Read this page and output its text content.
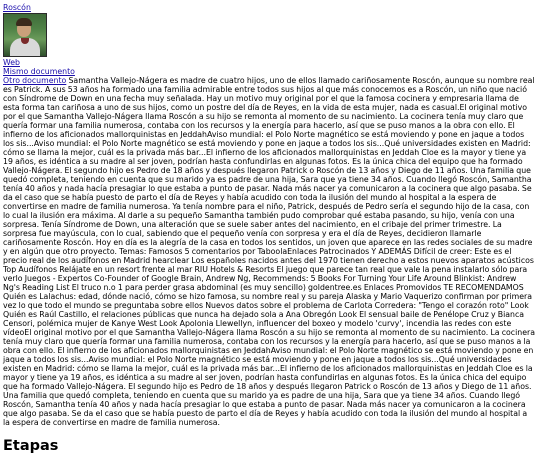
Roscón
Web
Mismo documento

Otro documento Samantha Vallejo-Nágera es madre de cuatro hijos, uno de ellos llamado cariñosamente Roscón, aunque su nombre real es Patrick. A sus 53 años ha formado una familia admirable entre todos sus hijos al que más conocemos es a Roscón, un niño que nació con Síndrome de Down en una fecha muy señalada. Hay un motivo muy original por el que la famosa cocinera y empresaria llama de esta forma tan cariñosa a uno de sus hijos, como un postre del día de Reyes, en la vida de esta mujer, nada es casual.El original motivo por el que Samantha Vallejo-Nágera llama Roscón a su hijo se remonta al momento de su nacimiento. La cocinera tenía muy claro que quería formar una familia numerosa, contaba con los recursos y la energía para hacerlo, así que se puso manos a la obra con ello. El infierno de los aficionados mallorquinistas en JeddahAviso mundial: el Polo Norte magnético se está moviendo y pone en jaque a todos los sis...Aviso mundial: el Polo Norte magnético se está moviendo y pone en jaque a todos los sis...Qué universidades existen en Madrid: cómo se llama la mejor, cuál es la privada más bar...El infierno de los aficionados mallorquinistas en Jeddah Cloe es la mayor y tiene ya 19 años, es idéntica a su madre al ser joven, podrían hasta confundirlas en algunas fotos. Es la única chica del equipo que ha formado Vallejo-Nágera. El segundo hijo es Pedro de 18 años y después llegaron Patrick o Roscón de 13 años y Diego de 11 años. Una familia que quedó completa, teniendo en cuenta que su marido ya es padre de una hija, Sara que ya tiene 34 años. Cuando llegó Roscón, Samantha tenía 40 años y nada hacía presagiar lo que estaba a punto de pasar. Nada más nacer ya comunicaron a la cocinera que algo pasaba. Se da el caso que se había puesto de parto el día de Reyes y había acudido con toda la ilusión del mundo al hospital a la espera de convertirse en madre de familia numerosa. Ya tenía nombre para el niño, Patrick, después de Pedro sería el segundo hijo de la casa, con lo cual la ilusión era máxima. Al darle a su pequeño Samantha también pudo comprobar qué estaba pasando, su hijo, venía con una sorpresa. Tenía Síndrome de Down, una alteración que se suele saber antes del nacimiento, en el cribaje del primer trimestre. La sorpresa fue mayúscula, con lo cual, sabiendo que el pequeño venía con sorpresa y era el día de Reyes, decidieron llamarle cariñosamente Roscón. Hoy en día es la alegría de la casa en todos los sentidos, un joven que aparece en las redes sociales de su madre y en algún que otro proyecto. Temas: Famosos 5 comentarios por TaboolaEnlaces Patrocinados Y ADEMÁS Difícil de creer: Este es el precio real de los audífonos en Madrid hearclear Los españoles nacidos antes del 1970 tienen derecho a estos nuevos aparatos acústicos Top Audífonos Relájate en un resort frente al mar RIU Hotels & Resorts El juego que parece tan real que vale la pena instalarlo sólo para verlo Juegos - Expertos Co-Founder of Google Brain, Andrew Ng, Recommends: 5 Books For Turning Your Life Around Blinkist: Andrew Ng's Reading List El truco n.o 1 para perder grasa abdominal (es muy sencillo) goldentree.es Enlaces Promovidos TE RECOMENDAMOS Quién es Lalachus: edad, dónde nació, cómo se hizo famosa, su nombre real y su pareja Alaska y Mario Vaquerizo confirman por primera vez lo que todo el mundo se preguntaba sobre ellos Nuevos datos sobre el problema de Carlota Corredera: "Tengo el corazón roto" Look Quién es Raúl Castillo, el relaciones públicas que nunca ha dejado sola a Ana Obregón Look El sensual baile de Penélope Cruz y Bianca Censori, polémica mujer de Kanye West Look Apolonia Llewellyn, influencer del boxeo y modelo 'curvy', incendia las redes con este vídeoEl original motivo por el que Samantha Vallejo-Nágera llama Roscón a su hijo se remonta al momento de su nacimiento. La cocinera tenía muy claro que quería formar una familia numerosa, contaba con los recursos y la energía para hacerlo, así que se puso manos a la obra con ello. El infierno de los aficionados mallorquinistas en JeddahAviso mundial: el Polo Norte magnético se está moviendo y pone en jaque a todos los sis...Aviso mundial: el Polo Norte magnético se está moviendo y pone en jaque a todos los sis...Qué universidades existen en Madrid: cómo se llama la mejor, cuál es la privada más bar...El infierno de los aficionados mallorquinistas en Jeddah Cloe es la mayor y tiene ya 19 años, es idéntica a su madre al ser joven, podrían hasta confundirlas en algunas fotos. Es la única chica del equipo que ha formado Vallejo-Nágera. El segundo hijo es Pedro de 18 años y después llegaron Patrick o Roscón de 13 años y Diego de 11 años. Una familia que quedó completa, teniendo en cuenta que su marido ya es padre de una hija, Sara que ya tiene 34 años. Cuando llegó Roscón, Samantha tenía 40 años y nada hacía presagiar lo que estaba a punto de pasar. Nada más nacer ya comunicaron a la cocinera que algo pasaba. Se da el caso que se había puesto de parto el día de Reyes y había acudido con toda la ilusión del mundo al hospital a la espera de convertirse en madre de familia numerosa.

Etapas
